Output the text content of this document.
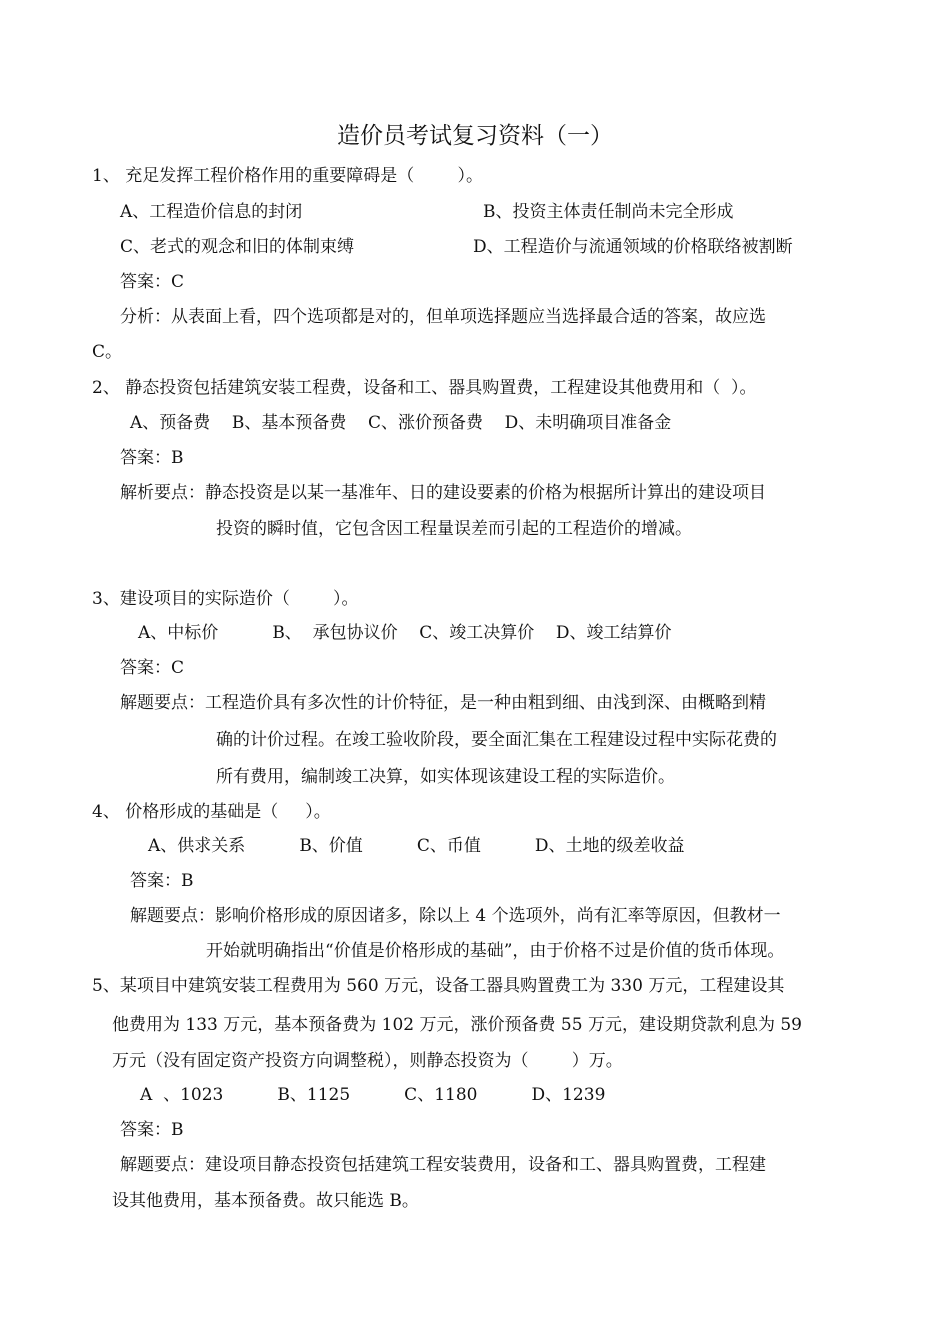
造价员考试复习资料（一）
1、 充足发挥工程价格作用的重要障碍是（        ）。
A、工程造价信息的封闭	B、投资主体责任制尚未完全形成
C、老式的观念和旧的体制束缚	D、工程造价与流通领域的价格联络被割断
答案：C
分析：从表面上看，四个选项都是对的，但单项选择题应当选择最合适的答案，故应选
C。
2、 静态投资包括建筑安装工程费，设备和工、器具购置费，工程建设其他费用和（  ）。
A、预备费    B、基本预备费    C、涨价预备费    D、未明确项目准备金
答案：B
解析要点：静态投资是以某一基准年、日的建设要素的价格为根据所计算出的建设项目
投资的瞬时值，它包含因工程量误差而引起的工程造价的增减。
3、建设项目的实际造价（        ）。
A、中标价          B、  承包协议价    C、竣工决算价    D、竣工结算价
答案：C
解题要点：工程造价具有多次性的计价特征，是一种由粗到细、由浅到深、由概略到精
确的计价过程。在竣工验收阶段，要全面汇集在工程建设过程中实际花费的
所有费用，编制竣工决算，如实体现该建设工程的实际造价。
4、 价格形成的基础是（     ）。
A、供求关系          B、价值          C、币值          D、土地的级差收益
答案：B
解题要点：影响价格形成的原因诸多，除以上 4 个选项外，尚有汇率等原因，但教材一
开始就明确指出“价值是价格形成的基础”，由于价格不过是价值的货币体现。
5、某项目中建筑安装工程费用为 560 万元，设备工器具购置费工为 330 万元，工程建设其
他费用为 133 万元，基本预备费为 102 万元，涨价预备费 55 万元，建设期贷款利息为 59
万元（没有固定资产投资方向调整税），则静态投资为（        ）万。
A  、1023          B、1125          C、1180          D、1239
答案：B
解题要点：建设项目静态投资包括建筑工程安装费用，设备和工、器具购置费，工程建
设其他费用，基本预备费。故只能选 B。
